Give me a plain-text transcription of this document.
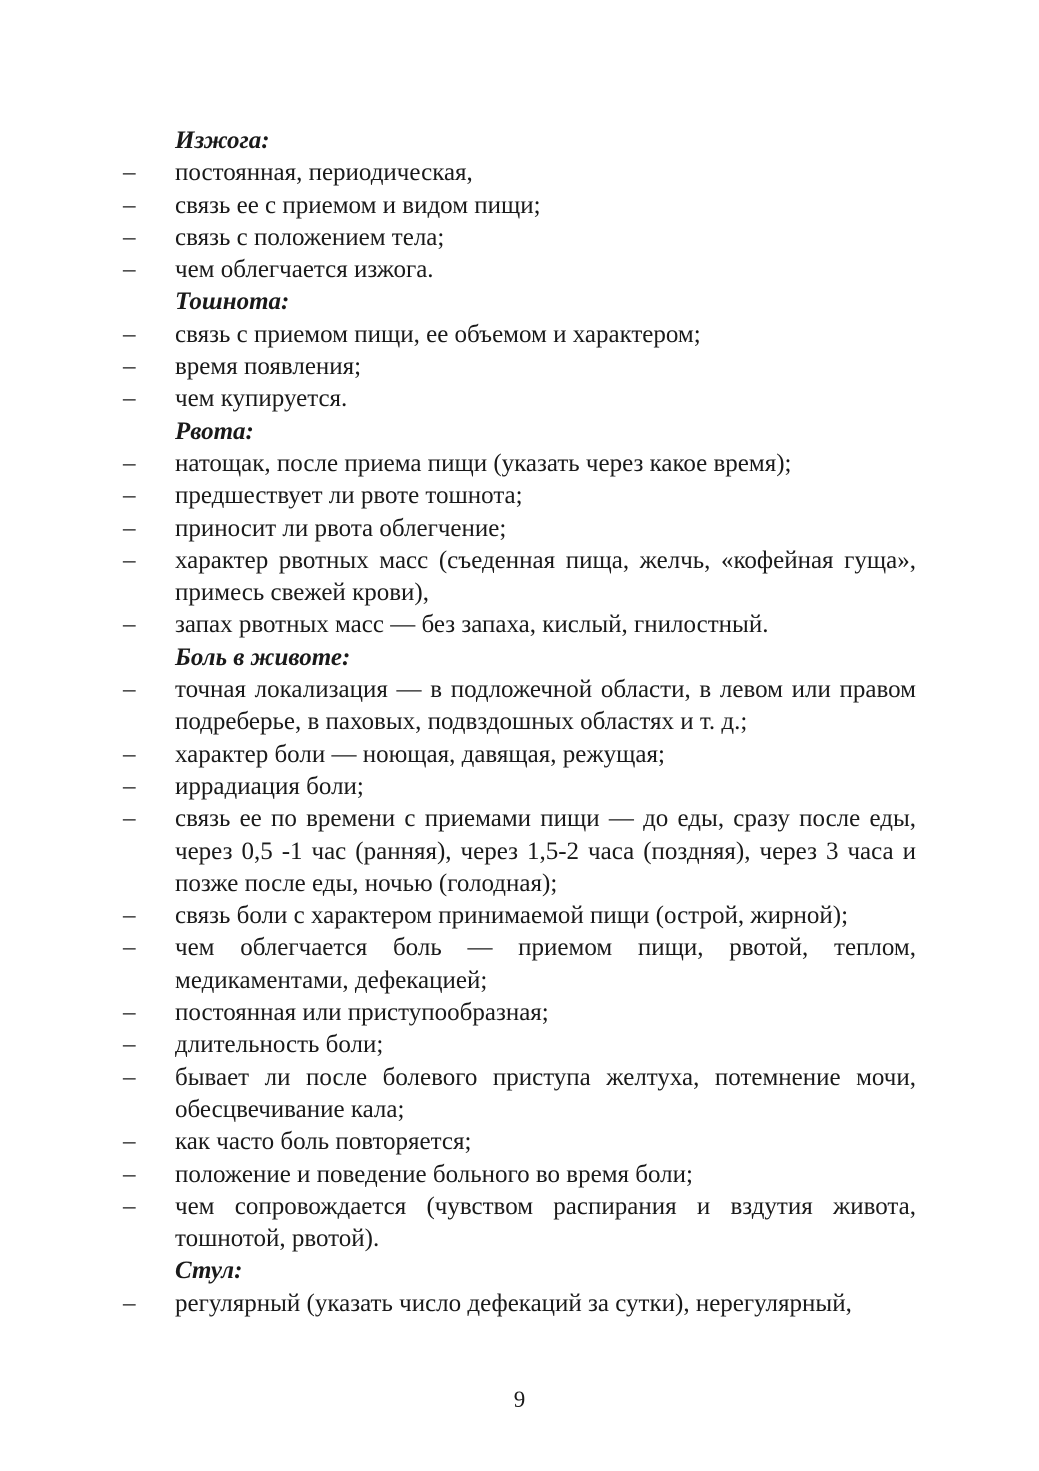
Изжога:
–	постоянная, периодическая,
–	связь ее с приемом и видом пищи;
–	связь с положением тела;
–	чем облегчается изжога.
Тошнота:
–	связь с приемом пищи, ее объемом и характером;
–	время появления;
–	чем купируется.
Рвота:
–	натощак, после приема пищи (указать через какое время);
–	предшествует ли рвоте тошнота;
–	приносит ли рвота облегчение;
–	характер рвотных масс (съеденная пища, желчь, «кофейная гуща», примесь свежей крови),
–	запах рвотных масс — без запаха, кислый, гнилостный.
Боль в животе:
–	точная локализация — в подложечной области, в левом или правом подреберье, в паховых, подвздошных областях и т. д.;
–	характер боли — ноющая, давящая, режущая;
–	иррадиация боли;
–	связь ее по времени с приемами пищи — до еды, сразу после еды, через 0,5 -1 час (ранняя), через 1,5-2 часа (поздняя), через 3 часа и позже после еды, ночью (голодная);
–	связь боли с характером принимаемой пищи (острой, жирной);
–	чем облегчается боль — приемом пищи, рвотой, теплом, медикаментами, дефекацией;
–	постоянная или приступообразная;
–	длительность боли;
–	бывает ли после болевого приступа желтуха, потемнение мочи, обесцвечивание кала;
–	как часто боль повторяется;
–	положение и поведение больного во время боли;
–	чем сопровождается (чувством распирания и вздутия живота, тошнотой, рвотой).
Стул:
–	регулярный (указать число дефекаций за сутки), нерегулярный,
9
